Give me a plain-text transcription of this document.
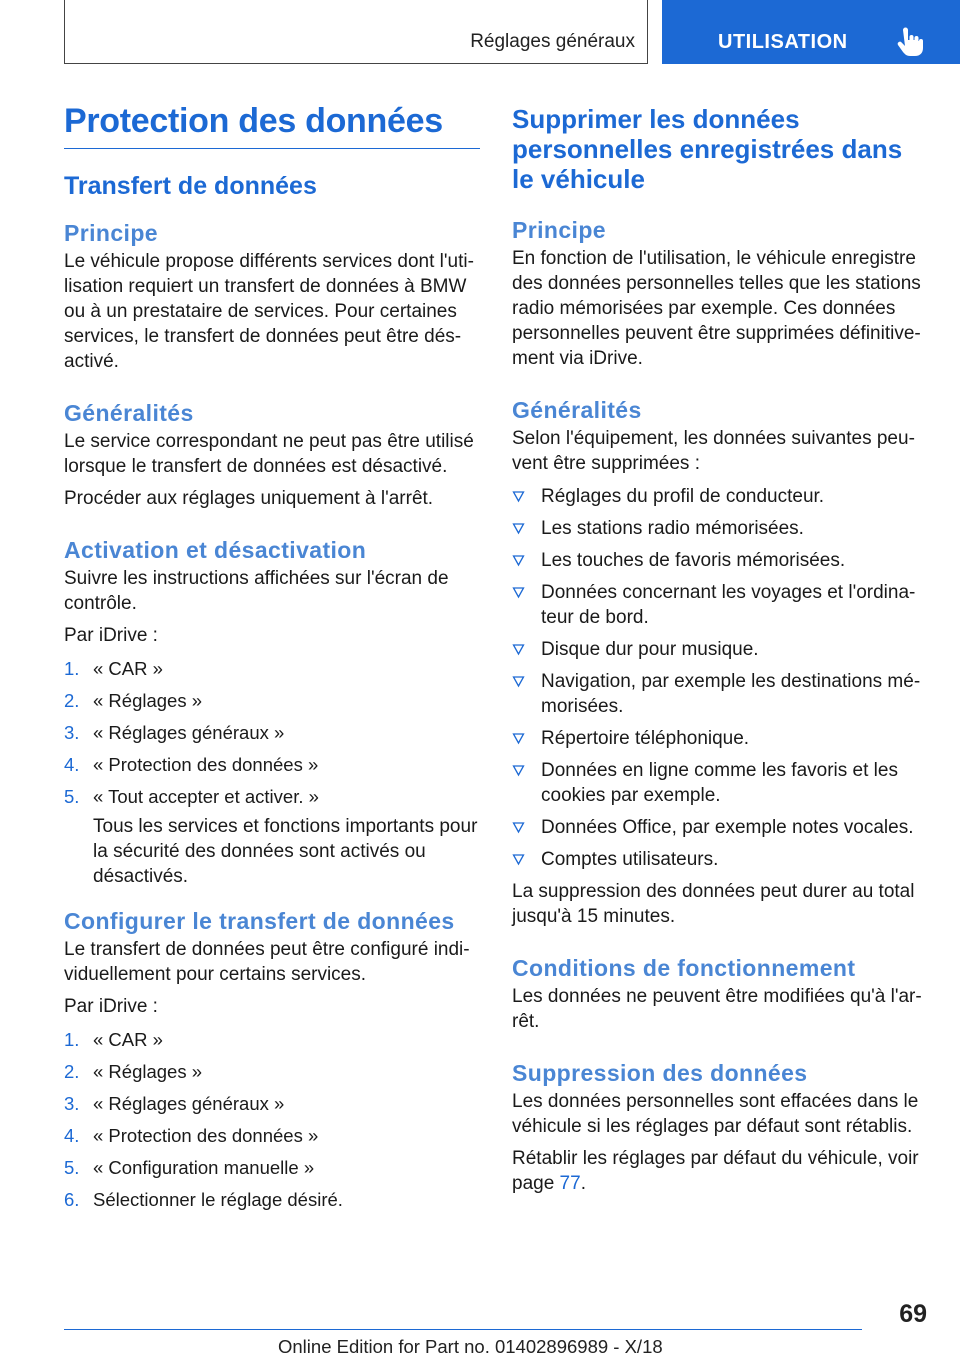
Réglages généraux	UTILISATION
Protection des données
Transfert de données
Principe

Le véhicule propose différents services dont l'utilisation requiert un transfert de données à BMW ou à un prestataire de services. Pour certaines services, le transfert de données peut être désactivé.

Généralités

Le service correspondant ne peut pas être utilisé lorsque le transfert de données est désactivé.

Procéder aux réglages uniquement à l'arrêt.

Activation et désactivation

Suivre les instructions affichées sur l'écran de contrôle.

Par iDrive :

1. « CAR »
2. « Réglages »
3. « Réglages généraux »
4. « Protection des données »
5. « Tout accepter et activer. »

Tous les services et fonctions importants pour la sécurité des données sont activés ou désactivés.

Configurer le transfert de données

Le transfert de données peut être configuré individuellement pour certains services.

Par iDrive :

1. « CAR »
2. « Réglages »
3. « Réglages généraux »
4. « Protection des données »
5. « Configuration manuelle »
6. Sélectionner le réglage désiré.
Supprimer les données personnelles enregistrées dans le véhicule
Principe

En fonction de l'utilisation, le véhicule enregistre des données personnelles telles que les stations radio mémorisées par exemple. Ces données personnelles peuvent être supprimées définitivement via iDrive.

Généralités

Selon l'équipement, les données suivantes peuvent être supprimées :

Réglages du profil de conducteur.
Les stations radio mémorisées.
Les touches de favoris mémorisées.
Données concernant les voyages et l'ordinateur de bord.
Disque dur pour musique.
Navigation, par exemple les destinations mémorisées.
Répertoire téléphonique.
Données en ligne comme les favoris et les cookies par exemple.
Données Office, par exemple notes vocales.
Comptes utilisateurs.

La suppression des données peut durer au total jusqu'à 15 minutes.

Conditions de fonctionnement

Les données ne peuvent être modifiées qu'à l'arrêt.

Suppression des données

Les données personnelles sont effacées dans le véhicule si les réglages par défaut sont rétablis.

Rétablir les réglages par défaut du véhicule, voir page 77.

69
Online Edition for Part no. 01402896989 - X/18
